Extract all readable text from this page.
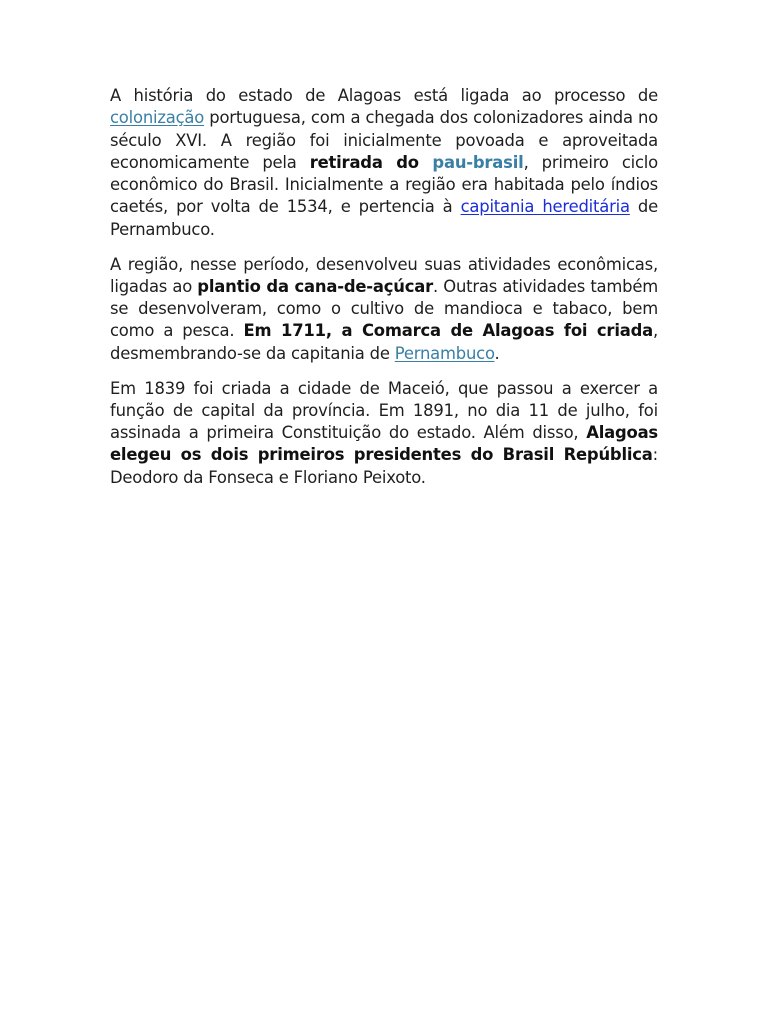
A história do estado de Alagoas está ligada ao processo de colonização portuguesa, com a chegada dos colonizadores ainda no século XVI. A região foi inicialmente povoada e aproveitada economicamente pela retirada do pau-brasil, primeiro ciclo econômico do Brasil. Inicialmente a região era habitada pelo índios caetés, por volta de 1534, e pertencia à capitania hereditária de Pernambuco.

A região, nesse período, desenvolveu suas atividades econômicas, ligadas ao plantio da cana-de-açúcar. Outras atividades também se desenvolveram, como o cultivo de mandioca e tabaco, bem como a pesca. Em 1711, a Comarca de Alagoas foi criada, desmembrando-se da capitania de Pernambuco.

Em 1839 foi criada a cidade de Maceió, que passou a exercer a função de capital da província. Em 1891, no dia 11 de julho, foi assinada a primeira Constituição do estado. Além disso, Alagoas elegeu os dois primeiros presidentes do Brasil República: Deodoro da Fonseca e Floriano Peixoto.
